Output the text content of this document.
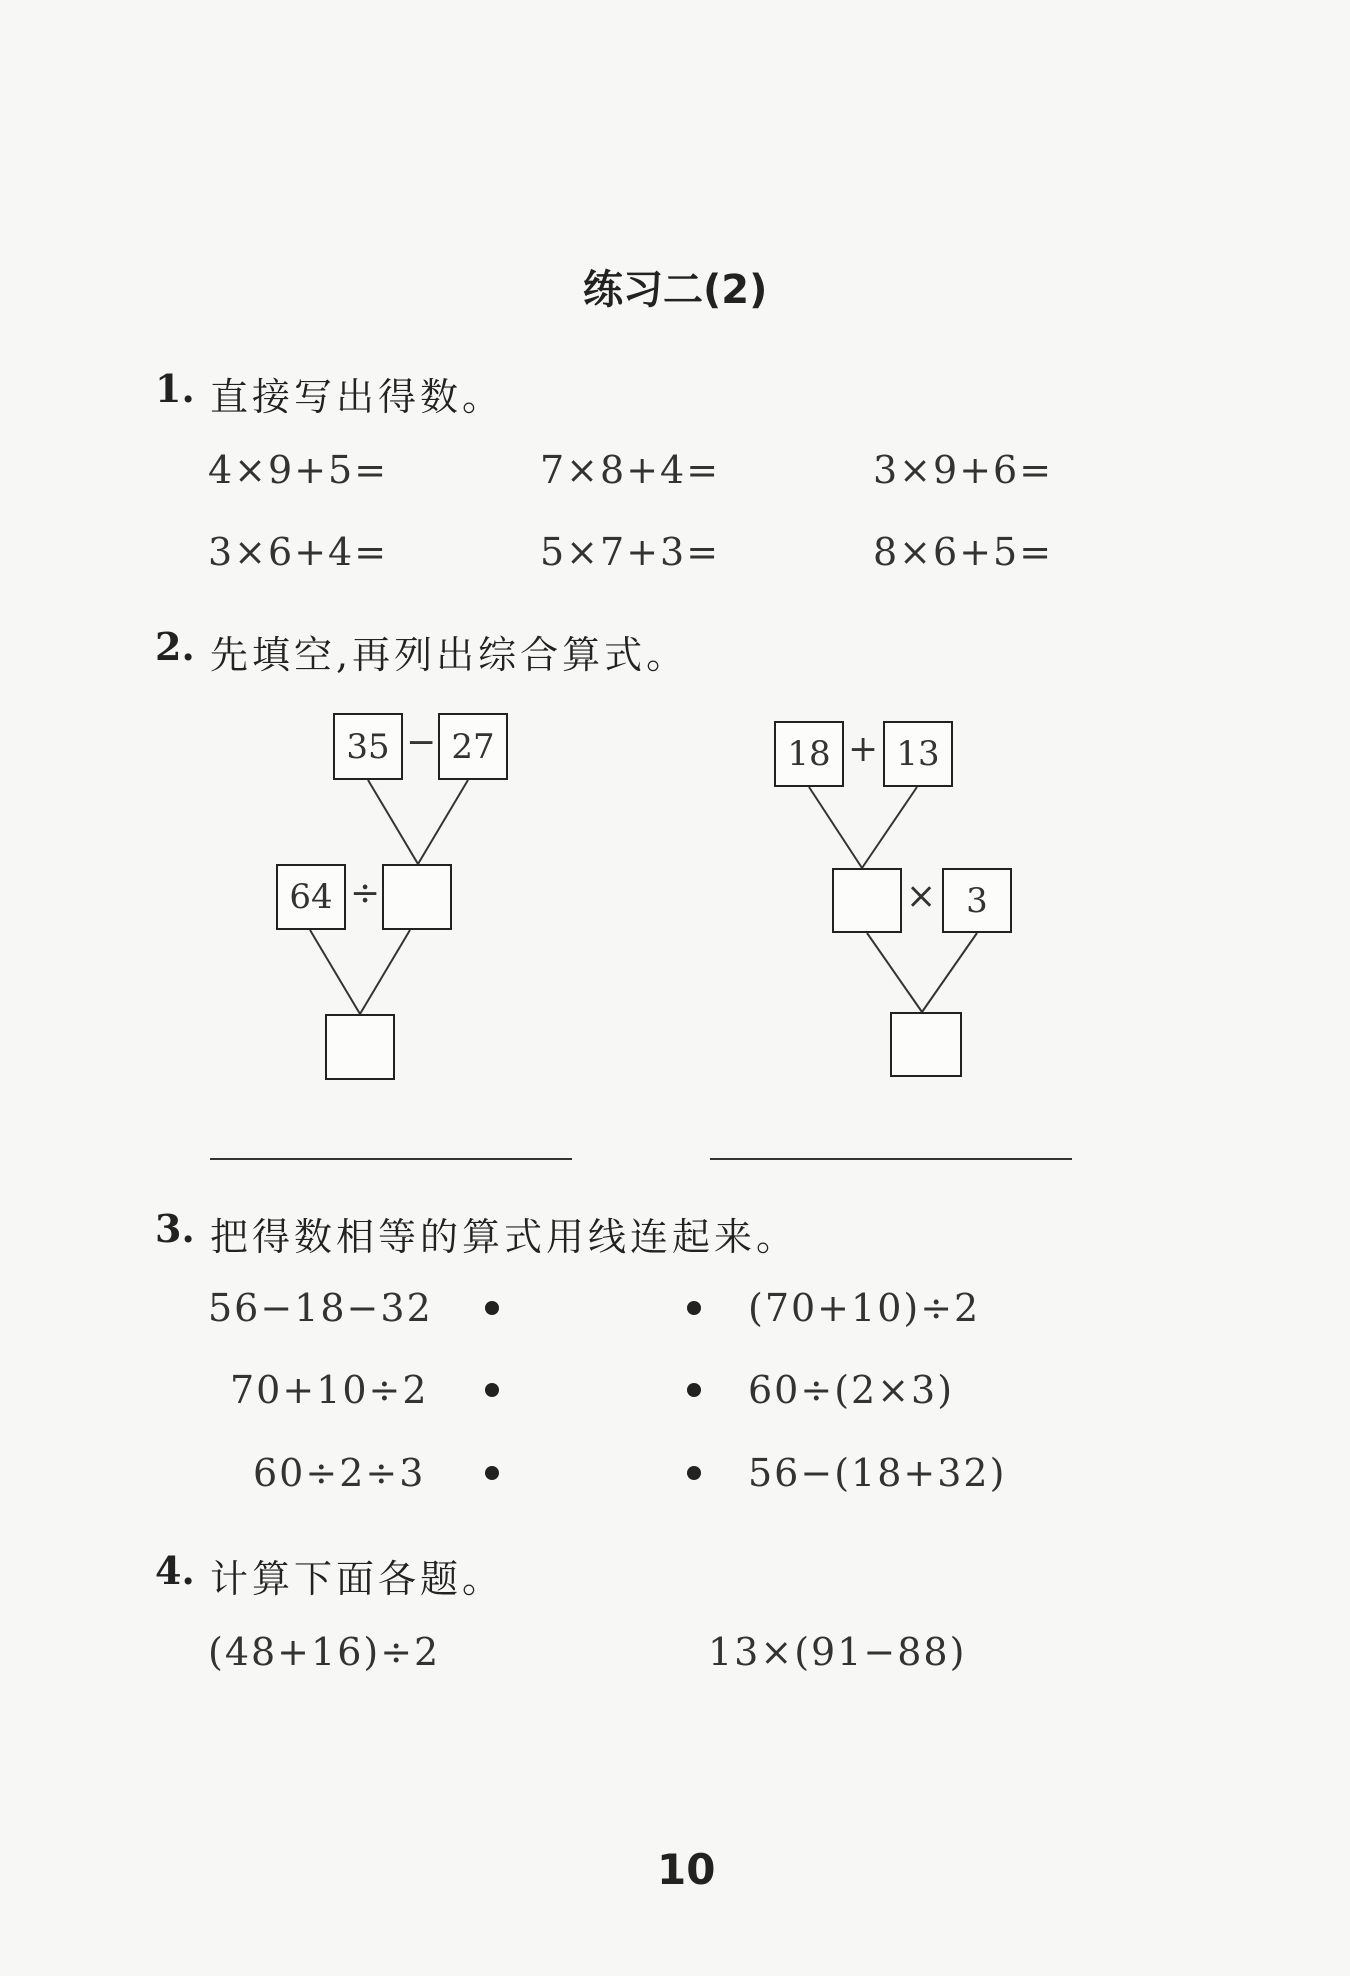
练习二(2)
1. 直接写出得数。
4×9+5=	7×8+4=	3×9+6=
3×6+4=	5×7+3=	8×6+5=
2. 先填空,再列出综合算式。
35 − 27
64 ÷
18 + 13
× 3
3. 把得数相等的算式用线连起来。
56−18−32
70+10÷2
60÷2÷3
(70+10)÷2
60÷(2×3)
56−(18+32)
4. 计算下面各题。
(48+16)÷2	13×(91−88)
10
